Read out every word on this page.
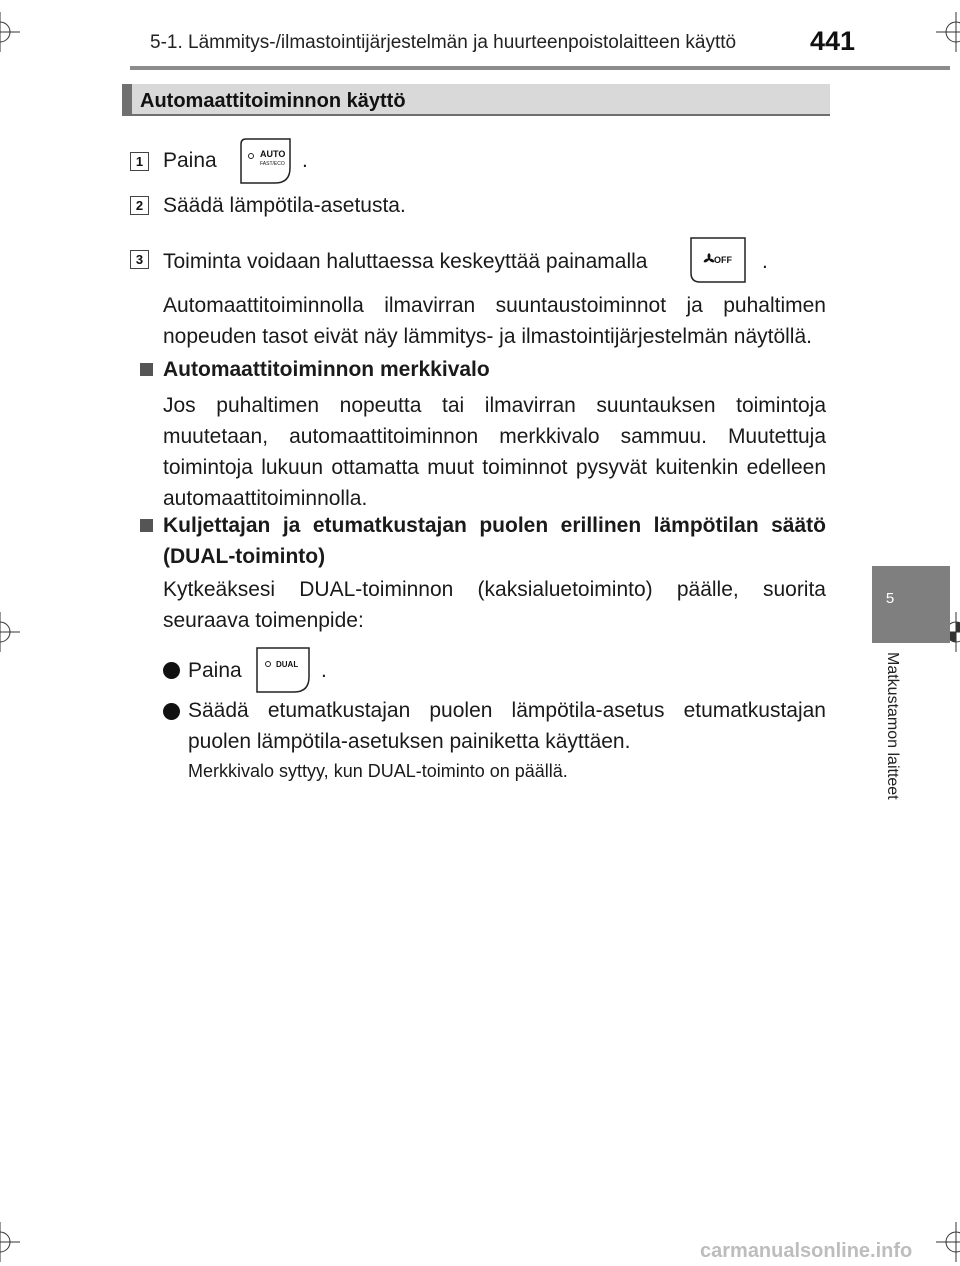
5-1. Lämmitys-/ilmastointijärjestelmän ja huurteenpoistolaitteen käyttö	441
Automaattitoiminnon käyttö
1 Paina	AUTO
FAST/ECO .
2 Säädä lämpötila-asetusta.
3 Toiminta voidaan haluttaessa keskeyttää painamalla	OFF .
Automaattitoiminnolla ilmavirran suuntaustoiminnot ja puhaltimen nopeuden tasot eivät näy lämmitys- ja ilmastointijärjestelmän näytöllä.
Automaattitoiminnon merkkivalo
Jos puhaltimen nopeutta tai ilmavirran suuntauksen toimintoja muutetaan, automaattitoiminnon merkkivalo sammuu. Muutettuja toimintoja lukuun ottamatta muut toiminnot pysyvät kuitenkin edelleen automaattitoiminnolla.
Kuljettajan ja etumatkustajan puolen erillinen lämpötilan säätö (DUAL-toiminto)
Kytkeäksesi DUAL-toiminnon (kaksialuetoiminto) päälle, suorita seuraava toimenpide:
Paina	DUAL .
Säädä etumatkustajan puolen lämpötila-asetus etumatkustajan puolen lämpötila-asetuksen painiketta käyttäen.
Merkkivalo syttyy, kun DUAL-toiminto on päällä.
5
Matkustamon laitteet
carmanualsonline.info
